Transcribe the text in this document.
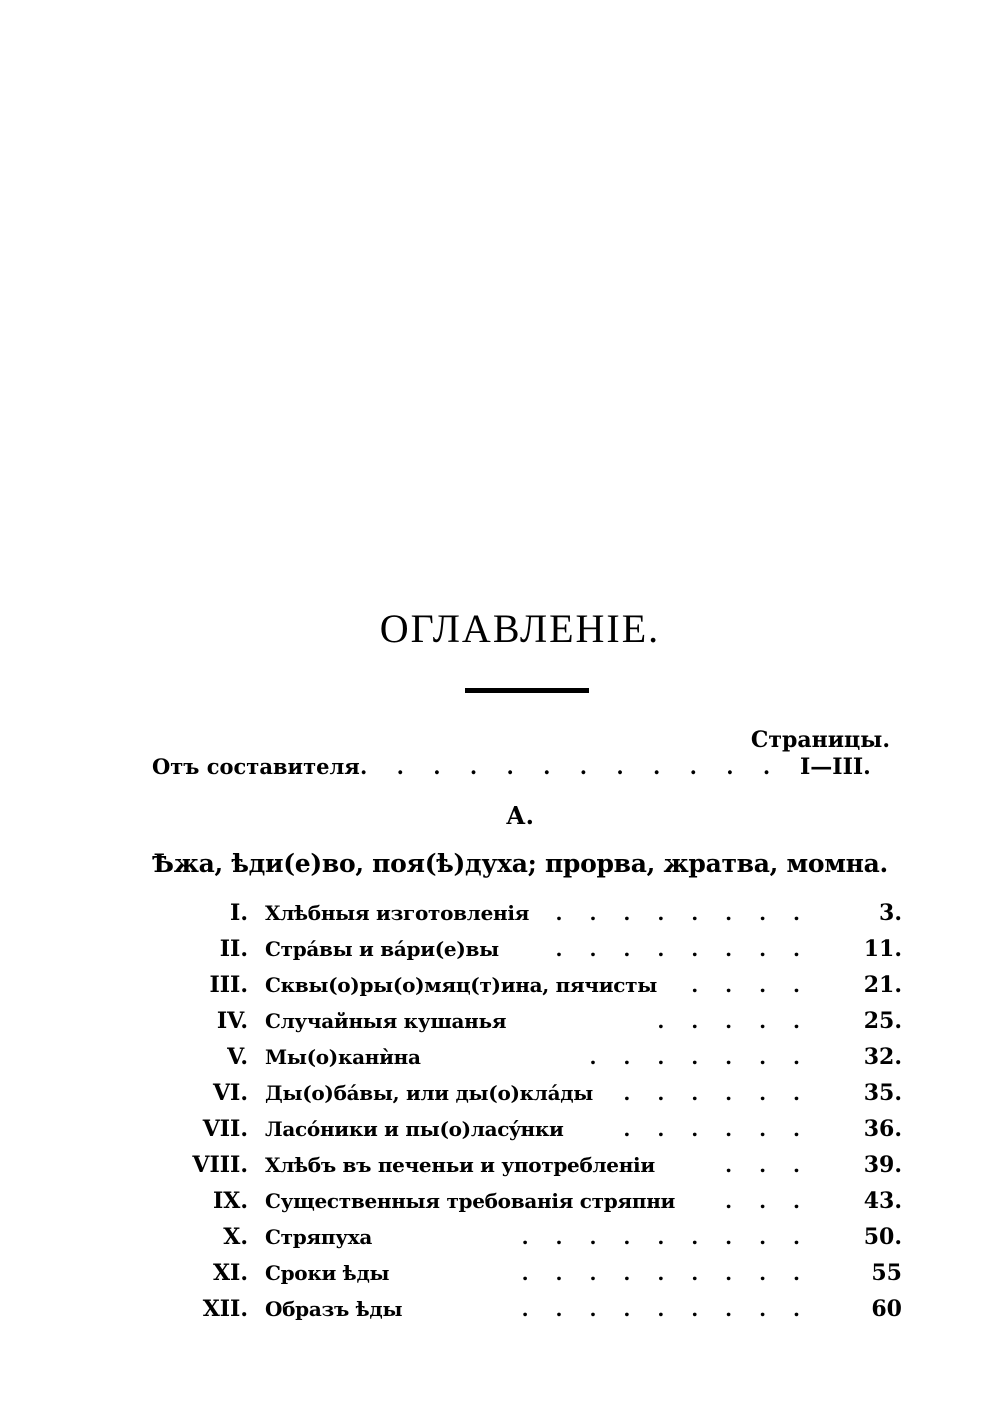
ОГЛАВЛЕНІЕ.
Страницы.
Отъ составителя . . . . . . . . . . . . I—III.
А.
Ѣжа, ѣди(е)во, поя(ѣ)духа; прорва, жратва, момна.
I. Хлѣбныя изготовленія	. . . . . . . .	3.
II. Стрáвы и вáри(е)вы	. . . . . . . .	11.
III. Сквы(о)ры(о)мяц(т)ина, пячисты	. . . .	21.
IV. Случайныя кушанья	. . . . .	25.
V. Мы(о)канѝна	. . . . . . .	32.
VI. Ды(о)бáвы, или ды(о)клáды	. . . . . .	35.
VII. Ласóники и пы(о)ласýнки	. . . . . .	36.
VIII. Хлѣбъ въ печеньи и употребленіи	. . .	39.
IX. Существенныя требованія стряпни	. . .	43.
X. Стряпуха	. . . . . . . . .	50.
XI. Сроки ѣды	. . . . . . . . .	55
XII. Образъ ѣды	. . . . . . . . .	60
